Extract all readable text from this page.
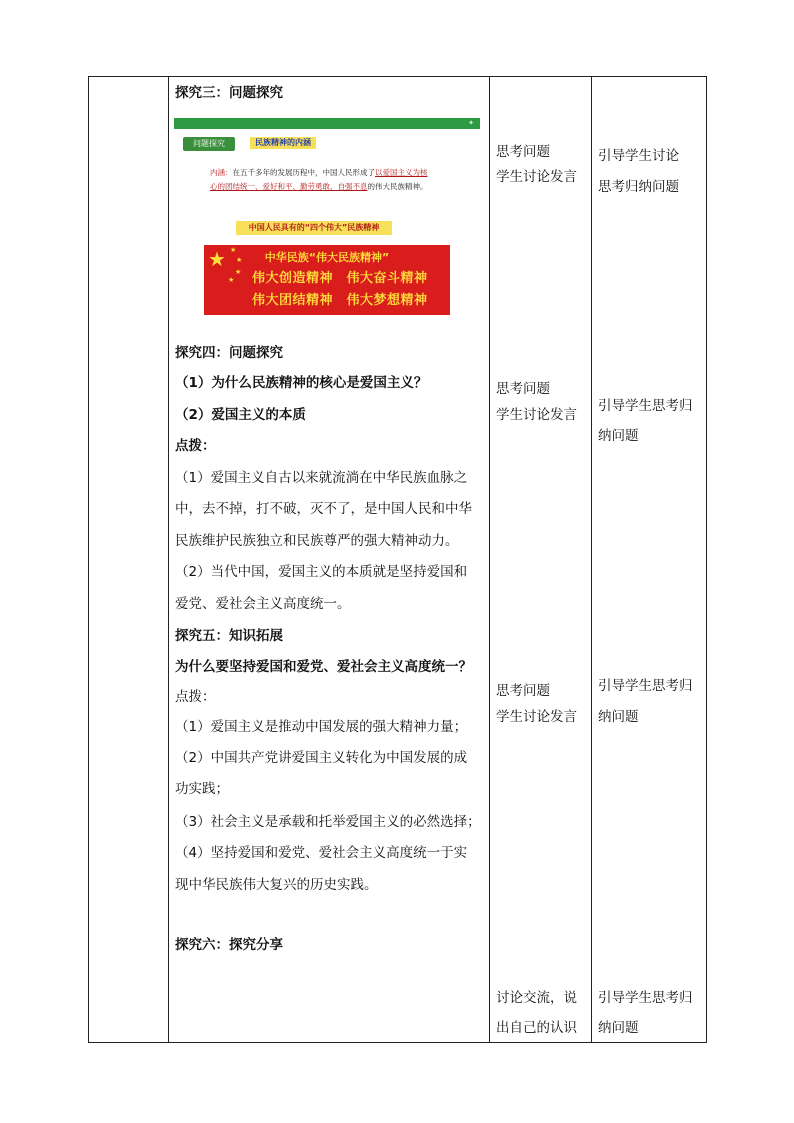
探究三：问题探究
✦
问题探究	民族精神的内涵
内涵：在五千多年的发展历程中，中国人民形成了以爱国主义为核
心的团结统一、爱好和平、勤劳勇敢、自强不息的伟大民族精神。
中国人民具有的“四个伟大”民族精神
★ ★
★
★
★
中华民族“伟大民族精神”
伟大创造精神　伟大奋斗精神
伟大团结精神　伟大梦想精神
探究四：问题探究
（1）为什么民族精神的核心是爱国主义？
（2）爱国主义的本质
点拨：
（1）爱国主义自古以来就流淌在中华民族血脉之
中，去不掉，打不破，灭不了，是中国人民和中华
民族维护民族独立和民族尊严的强大精神动力。
（2）当代中国，爱国主义的本质就是坚持爱国和
爱党、爱社会主义高度统一。
探究五：知识拓展
为什么要坚持爱国和爱党、爱社会主义高度统一？
点拨：
（1）爱国主义是推动中国发展的强大精神力量；
（2）中国共产党讲爱国主义转化为中国发展的成
功实践；
（3）社会主义是承载和托举爱国主义的必然选择；
（4）坚持爱国和爱党、爱社会主义高度统一于实
现中华民族伟大复兴的历史实践。
探究六：探究分享
思考问题
学生讨论发言
思考问题
学生讨论发言
思考问题
学生讨论发言
讨论交流，说
出自己的认识
引导学生讨论
思考归纳问题
引导学生思考归
纳问题
引导学生思考归
纳问题
引导学生思考归
纳问题
